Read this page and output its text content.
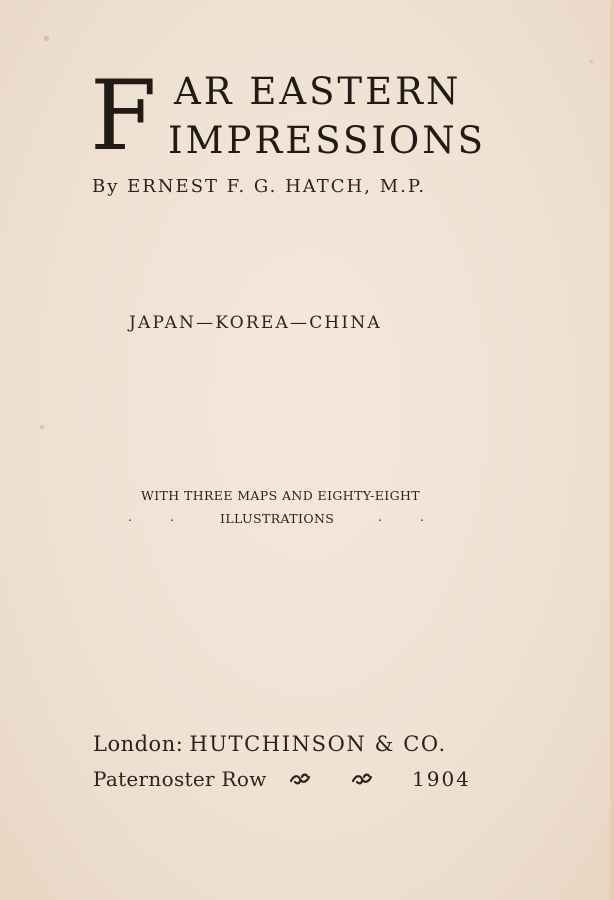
F AR EASTERN
IMPRESSIONS
By ERNEST F. G. HATCH, M.P.
JAPAN—KOREA—CHINA
WITH THREE MAPS AND EIGHTY-EIGHT
.. ILLUSTRATIONS	..
London: HUTCHINSON & CO.
Paternoster Row	1904
